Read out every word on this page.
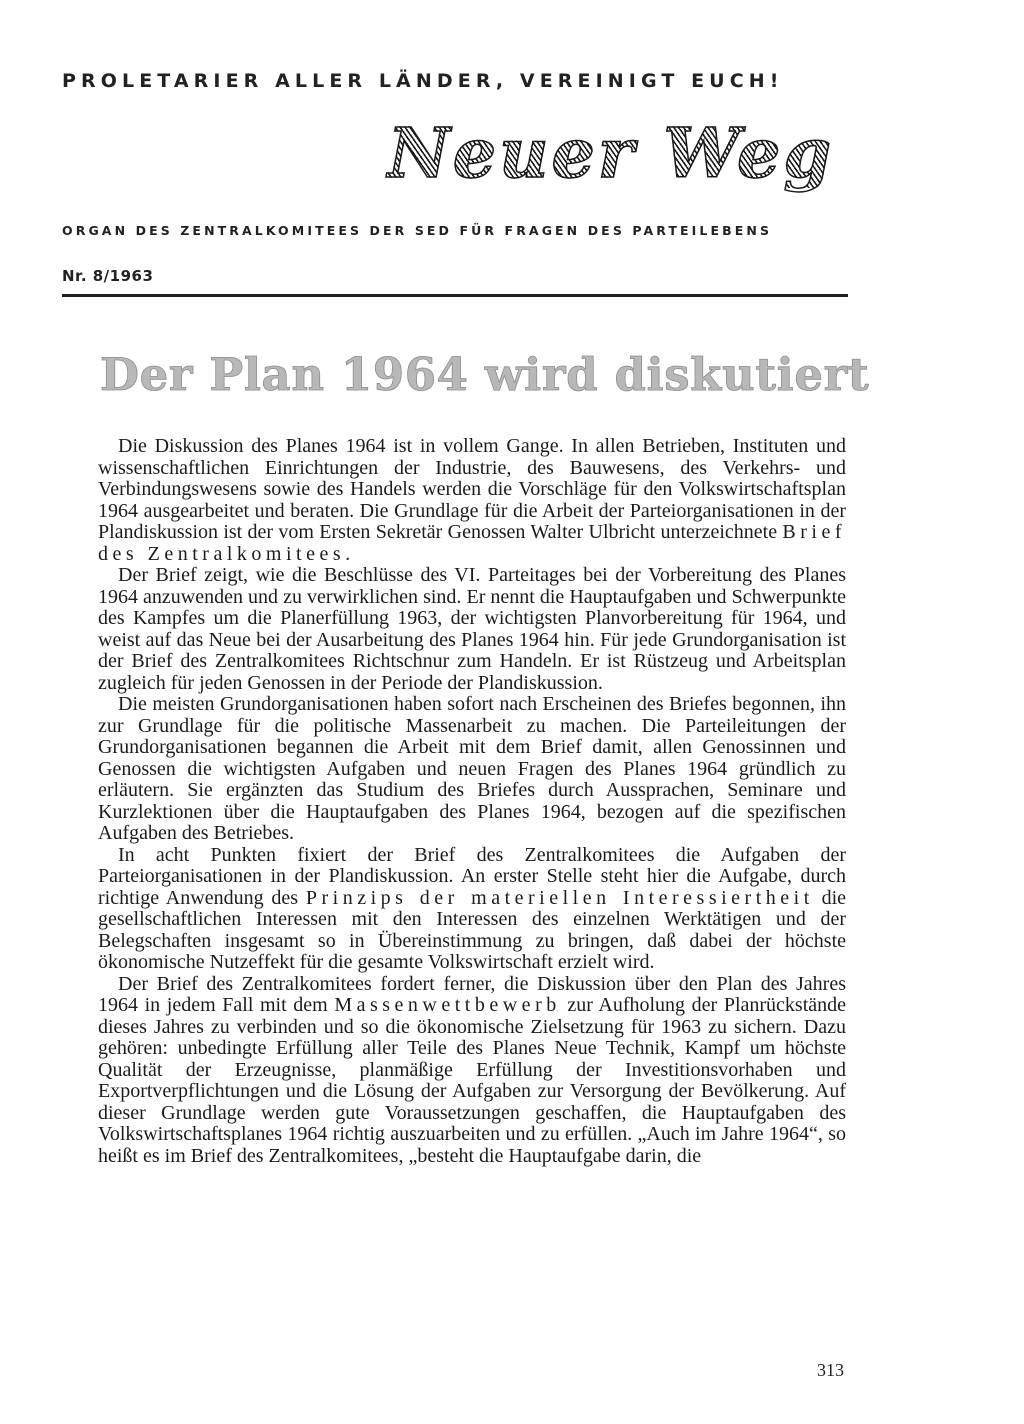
PROLETARIER ALLER LÄNDER, VEREINIGT EUCH!
Neuer Weg
ORGAN DES ZENTRALKOMITEES DER SED FÜR FRAGEN DES PARTEILEBENS
Nr. 8/1963
Der Plan 1964 wird diskutiert

Die Diskussion des Planes 1964 ist in vollem Gange. In allen Betrieben, Instituten und wissenschaftlichen Einrichtungen der Industrie, des Bauwesens, des Verkehrs- und Verbindungswesens sowie des Handels werden die Vorschläge für den Volkswirtschaftsplan 1964 ausgearbeitet und beraten. Die Grundlage für die Arbeit der Parteiorganisationen in der Plandiskussion ist der vom Ersten Sekretär Genossen Walter Ulbricht unterzeichnete Brief des Zentralkomitees.

Der Brief zeigt, wie die Beschlüsse des VI. Parteitages bei der Vorbereitung des Planes 1964 anzuwenden und zu verwirklichen sind. Er nennt die Hauptaufgaben und Schwerpunkte des Kampfes um die Planerfüllung 1963, der wichtigsten Planvorbereitung für 1964, und weist auf das Neue bei der Ausarbeitung des Planes 1964 hin. Für jede Grundorganisation ist der Brief des Zentralkomitees Richtschnur zum Handeln. Er ist Rüstzeug und Arbeitsplan zugleich für jeden Genossen in der Periode der Plandiskussion.

Die meisten Grundorganisationen haben sofort nach Erscheinen des Briefes begonnen, ihn zur Grundlage für die politische Massenarbeit zu machen. Die Parteileitungen der Grundorganisationen begannen die Arbeit mit dem Brief damit, allen Genossinnen und Genossen die wichtigsten Aufgaben und neuen Fragen des Planes 1964 gründlich zu erläutern. Sie ergänzten das Studium des Briefes durch Aussprachen, Seminare und Kurzlektionen über die Hauptaufgaben des Planes 1964, bezogen auf die spezifischen Aufgaben des Betriebes.

In acht Punkten fixiert der Brief des Zentralkomitees die Aufgaben der Parteiorganisationen in der Plandiskussion. An erster Stelle steht hier die Aufgabe, durch richtige Anwendung des Prinzips der materiellen Interessiertheit die gesellschaftlichen Interessen mit den Interessen des einzelnen Werktätigen und der Belegschaften insgesamt so in Übereinstimmung zu bringen, daß dabei der höchste ökonomische Nutzeffekt für die gesamte Volkswirtschaft erzielt wird.

Der Brief des Zentralkomitees fordert ferner, die Diskussion über den Plan des Jahres 1964 in jedem Fall mit dem Massenwettbewerb zur Aufholung der Planrückstände dieses Jahres zu verbinden und so die ökonomische Zielsetzung für 1963 zu sichern. Dazu gehören: unbedingte Erfüllung aller Teile des Planes Neue Technik, Kampf um höchste Qualität der Erzeugnisse, planmäßige Erfüllung der Investitionsvorhaben und Exportverpflichtungen und die Lösung der Aufgaben zur Versorgung der Bevölkerung. Auf dieser Grundlage werden gute Voraussetzungen geschaffen, die Hauptaufgaben des Volkswirtschaftsplanes 1964 richtig auszuarbeiten und zu erfüllen. „Auch im Jahre 1964“, so heißt es im Brief des Zentralkomitees, „besteht die Hauptaufgabe darin, die

313
